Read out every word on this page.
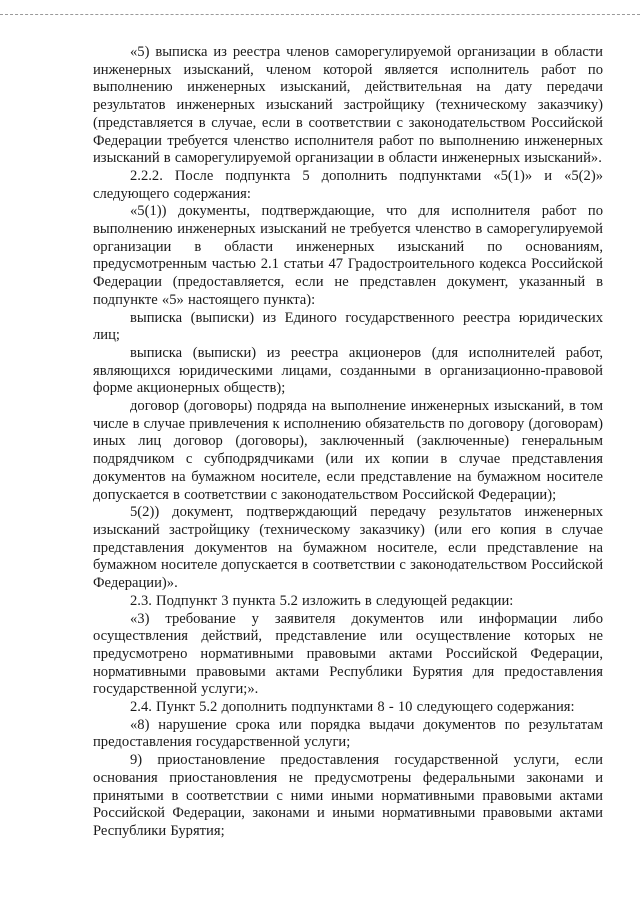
«5) выписка из реестра членов саморегулируемой организации в области инженерных изысканий, членом которой является исполнитель работ по выполнению инженерных изысканий, действительная на дату передачи результатов инженерных изысканий застройщику (техническому заказчику) (представляется в случае, если в соответствии с законодательством Российской Федерации требуется членство исполнителя работ по выполнению инженерных изысканий в саморегулируемой организации в области инженерных изысканий».

2.2.2. После подпункта 5 дополнить подпунктами «5(1)» и «5(2)» следующего содержания:

«5(1)) документы, подтверждающие, что для исполнителя работ по выполнению инженерных изысканий не требуется членство в саморегулируемой организации в области инженерных изысканий по основаниям, предусмотренным частью 2.1 статьи 47 Градостроительного кодекса Российской Федерации (предоставляется, если не представлен документ, указанный в подпункте «5» настоящего пункта):

выписка (выписки) из Единого государственного реестра юридических лиц;

выписка (выписки) из реестра акционеров (для исполнителей работ, являющихся юридическими лицами, созданными в организационно-правовой форме акционерных обществ);

договор (договоры) подряда на выполнение инженерных изысканий, в том числе в случае привлечения к исполнению обязательств по договору (договорам) иных лиц договор (договоры), заключенный (заключенные) генеральным подрядчиком с субподрядчиками (или их копии в случае представления документов на бумажном носителе, если представление на бумажном носителе допускается в соответствии с законодательством Российской Федерации);

5(2)) документ, подтверждающий передачу результатов инженерных изысканий застройщику (техническому заказчику) (или его копия в случае представления документов на бумажном носителе, если представление на бумажном носителе допускается в соответствии с законодательством Российской Федерации)».

2.3. Подпункт 3 пункта 5.2 изложить в следующей редакции:

«3) требование у заявителя документов или информации либо осуществления действий, представление или осуществление которых не предусмотрено нормативными правовыми актами Российской Федерации, нормативными правовыми актами Республики Бурятия для предоставления государственной услуги;».

2.4. Пункт 5.2 дополнить подпунктами 8 - 10 следующего содержания:

«8) нарушение срока или порядка выдачи документов по результатам предоставления государственной услуги;

9) приостановление предоставления государственной услуги, если основания приостановления не предусмотрены федеральными законами и принятыми в соответствии с ними иными нормативными правовыми актами Российской Федерации, законами и иными нормативными правовыми актами Республики Бурятия;
